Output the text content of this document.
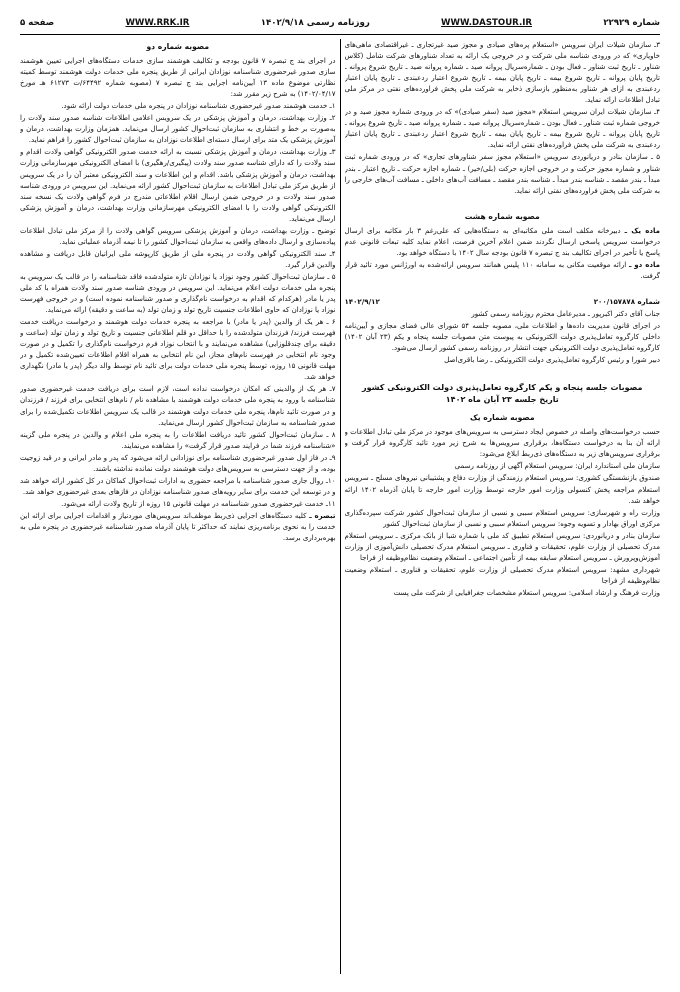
شماره ۲۲۹۲۹
WWW.DASTOUR.IR
روزنامه رسمی ۱۴۰۲/۹/۱۸
WWW.RRK.IR
صفحه ۵

۳ـ سازمان شیلات ایران سرویس «استعلام پره‌های صیادی و مجوز صید غیرتجاری ـ غیراقتصادی ماهی‌های خاویاری» که در ورودی شناسه ملی شرکت و در خروجی یک ارائه به تعداد شناورهای شرکت شامل (کلاس شناور ـ تاریخ ثبت شناور ـ فعال بودن ـ شماره‌سریال پروانه صید ـ شماره پروانه صید ـ تاریخ شروع پروانه ـ تاریخ پایان پروانه ـ تاریخ شروع بیمه ـ تاریخ پایان بیمه ـ تاریخ شروع اعتبار ردعبندی ـ تاریخ پایان اعتبار ردعبندی به ازای هر شناور به‌منظور بازسازی ذخایر به شرکت ملی پخش فراورده‌های نفتی در مرکز ملی تبادل اطلاعات ارائه نماید.

۴ـ سازمان شیلات ایران سرویس استعلام «مجوز صید (سفر صیادی)» که در ورودی شماره مجوز صید و در خروجی شماره ثبت شناور ـ فعال بودن ـ شماره‌سریال پروانه صید ـ شماره پروانه صید ـ تاریخ شروع پروانه ـ تاریخ پایان پروانه ـ تاریخ شروع بیمه ـ تاریخ پایان بیمه ـ تاریخ شروع اعتبار ردعبندی ـ تاریخ پایان اعتبار ردعبندی به شرکت ملی پخش فراورده‌های نفتی ارائه نماید.

۵ ـ سازمان بنادر و دریانوردی سرویس «استعلام مجوز سفر شناورهای تجاری» که در ورودی شماره ثبت شناور و شماره مجوز حرکت و در خروجی اجازه حرکت (بلی/خیر) ـ شماره اجازه حرکت ـ تاریخ اعتبار ـ بندر مبدأ ـ بندر مقصد ـ شناسه بندر مبدأ ـ شناسه بندر مقصد ـ مسافت آب‌های داخلی ـ مسافت آب‌های خارجی را به شرکت ملی پخش فراورده‌های نفتی ارائه نماید.

مصوبه شماره هشت

ماده یک ـ دبیرخانه مکلف است ملی مکاتبه‌ای به دستگاه‌هایی که علی‌رغم ۳ بار مکاتبه برای ارسال درخواست سرویس پاسخی ارسال نگردند ضمن اعلام آخرین فرصت، اعلام نماید کلیه تبعات قانونی عدم پاسخ یا تأخیر در اجرای تکالیف بند ج تبصره ۷ قانون بودجه سال ۱۴۰۲ با دستگاه خواهد بود.

ماده دو ـ ارائه موقعیت مکانی به سامانه ۱۱۰ پلیس همانند سرویس ارائه‌شده به اورژانس مورد تائید قرار گرفت.

شماره ۲۰۰/۱۵۷۸۷۸
۱۴۰۲/۹/۱۲

جناب آقای دکتر اکبرپور ـ مدیرعامل محترم روزنامه رسمی کشور

در اجرای قانون مدیریت داده‌ها و اطلاعات ملی، مصوبه جلسه ۵۴ شورای عالی فضای مجازی و آیین‌نامه داخلی کارگروه تعامل‌پذیری دولت الکترونیکی به پیوست متن مصوبات جلسه پنجاه و یکم (۲۳ آبان ۱۴۰۲) کارگروه تعامل‌پذیری دولت الکترونیکی جهت انتشار در روزنامه رسمی کشور ارسال می‌شود.

دبیر شورا و رئیس کارگروه تعامل‌پذیری دولت الکترونیکی ـ رضا باقری‌اصل

مصوبات جلسه پنجاه و یکم کارگروه تعامل‌پذیری دولت الکترونیکی کشور
تاریخ جلسه ۲۳ آبان ماه ۱۴۰۲
مصوبه شماره یک

حسب درخواست‌های واصله در خصوص ایجاد دسترسی به سرویس‌های موجود در مرکز ملی تبادل اطلاعات و ارائه آن بنا به درخواست دستگاه‌ها، برقراری سرویس‌ها به شرح زیر مورد تائید کارگروه قرار گرفت و برقراری سرویس‌های زیر به دستگاه‌های ذی‌ربط ابلاغ می‌شود:

سازمان ملی استاندارد ایران: سرویس استعلام آگهی از روزنامه رسمی

صندوق بازنشستگی کشوری: سرویس استعلام رزمندگی از وزارت دفاع و پشتیبانی نیروهای مسلح ـ سرویس استعلام مراجعه پخش کنسولی وزارت امور خارجه توسط وزارت امور خارجه تا پایان آذرماه ۱۴۰۲ ارائه خواهد شد.

وزارت راه و شهرسازی: سرویس استعلام سببی و نسبی از سازمان ثبت‌احوال کشور شرکت سپرده‌گذاری مرکزی اوراق بهادار و تسویه وجوه: سرویس استعلام سببی و نسبی از سازمان ثبت‌احوال کشور

سازمان بنادر و دریانوردی: سرویس استعلام تطبیق کد ملی با شماره شبا از بانک مرکزی ـ سرویس استعلام مدرک تحصیلی از وزارت علوم، تحقیقات و فناوری ـ سرویس استعلام مدرک تحصیلی دانش‌آموزی از وزارت آموزش‌وپرورش ـ سرویس استعلام سابقه بیمه از تأمین اجتماعی ـ استعلام وضعیت نظام‌وظیفه از فراجا

شهرداری مشهد: سرویس استعلام مدرک تحصیلی از وزارت علوم، تحقیقات و فناوری ـ استعلام وضعیت نظام‌وظیفه از فراجا

وزارت فرهنگ و ارشاد اسلامی: سرویس استعلام مشخصات جغرافیایی از شرکت ملی پست

مصوبه شماره دو

در اجرای بند ج تبصره ۷ قانون بودجه و تکالیف هوشمند سازی خدمات دستگاه‌های اجرایی تعیین هوشمند سازی صدور غیرحضوری شناسنامه نوزادان ایرانی از طریق پنجره ملی خدمات دولت هوشمند توسط کمیته نظارتی موضوع ماده ۱۳ آیین‌نامه اجرایی بند ج تبصره ۷ (مصوبه شماره ۶۴۴۹۲/ت ۶۱۲۷۳ هـ مورخ ۱۴۰۲/۰۴/۱۷) به شرح زیر مقرر شد:

۱ـ خدمت هوشمند صدور غیرحضوری شناسنامه نوزادان در پنجره ملی خدمات دولت ارائه شود.

۲ـ وزارت بهداشت، درمان و آموزش پزشکی در یک سرویس اعلامی اطلاعات شناسه صدور سند ولادت را به‌صورت بر خط و انتشاری به سازمان ثبت‌احوال کشور ارسال می‌نماید. همزمان وزارت بهداشت، درمان و آموزش پزشکی یک متد برای ارسال دسته‌ای اطلاعات نوزادان به سازمان ثبت‌احوال کشور را فراهم نماید.

۳ـ وزارت بهداشت، درمان و آموزش پزشکی نسبت به ارائه خدمت صدور الکترونیکی گواهی ولادت اقدام و سند ولادت را که دارای شناسه صدور سند ولادت (پیگیری/رهگیری) با امضای الکترونیکی مهرسازمانی وزارت بهداشت، درمان و آموزش پزشکی باشد. اقدام و این اطلاعات و سند الکترونیکی معتبر آن را در یک سرویس از طریق مرکز ملی تبادل اطلاعات به سازمان ثبت‌احوال کشور ارائه می‌نماید. این سرویس در ورودی شناسه صدور سند ولادت و در خروجی ضمن ارسال اقلام اطلاعاتی مندرج در فرم گواهی ولادت یک نسخه سند الکترونیکی گواهی ولادت را با امضای الکترونیکی مهرسازمانی وزارت بهداشت، درمان و آموزش پزشکی ارسال می‌نماید.

توضیح ـ وزارت بهداشت، درمان و آموزش پزشکی سرویس گواهی ولادت را از مرکز ملی تبادل اطلاعات پیاده‌سازی و ارسال داده‌های واقعی به سازمان ثبت‌احوال کشور را تا نیمه آذرماه عملیاتی نماید.

۴ـ سند الکترونیکی گواهی ولادت در پنجره ملی از طریق کارپوشه ملی ایرانیان قابل دریافت و مشاهده والدین قرار گیرد.

۵ ـ سازمان ثبت‌احوال کشور وجود نوزاد یا نوزادان تازه متولدشده فاقد شناسنامه را در قالب یک سرویس به پنجره ملی خدمات دولت اعلام می‌نماید. این سرویس در ورودی شناسه صدور سند ولادت همراه با کد ملی پدر یا مادر (هرکدام که اقدام به درخواست نام‌گذاری و صدور شناسنامه نموده است) و در خروجی فهرست نوزاد یا نوزادان که حاوی اطلاعات جنسیت تاریخ تولد و زمان تولد (به ساعت و دقیقه) ارائه می‌نماید.

۶ ـ هر یک از والدین (پدر یا مادر) با مراجعه به پنجره خدمات دولت هوشمند و درخواست دریافت خدمت فهرست فرزند/ فرزندان متولدشده را با حداقل دو قلم اطلاعاتی جنسیت و تاریخ تولد و زمان تولد (ساعت و دقیقه برای چندقلوزایی) مشاهده می‌نمایند و با انتخاب نوزاد فرم درخواست نام‌گذاری را تکمیل و در صورت وجود نام انتخابی در فهرست نام‌های مجاز، این نام انتخابی به همراه اقلام اطلاعات تعیین‌شده تکمیل و در مهلت قانونی ۱۵ روزه، توسط پنجره ملی خدمات دولت برای تائید نام توسط والد دیگر (پدر یا مادر) نگهداری خواهد شد.

۷ـ هر یک از والدینی که امکان درخواست نداده است، لازم است برای دریافت خدمت غیرحضوری صدور شناسنامه با ورود به پنجره ملی خدمات دولت هوشمند با مشاهده نام / نام‌های انتخابی برای فرزند / فرزندان و در صورت تائید نام‌ها، پنجره ملی خدمات دولت هوشمند در قالب یک سرویس اطلاعات تکمیل‌شده را برای صدور شناسنامه به سازمان ثبت‌احوال کشور ارسال می‌نماید.

۸ ـ سازمان ثبت‌احوال کشور تائید دریافت اطلاعات را به پنجره ملی اعلام و والدین در پنجره ملی گزینه «شناسنامه فرزند شما در فرایند صدور قرار گرفت» را مشاهده می‌نمایند.

۹ـ در فاز اول صدور غیرحضوری شناسنامه برای نوزادانی ارائه می‌شود که پدر و مادر ایرانی و در قید زوجیت بوده، و از جهت دسترسی به سرویس‌های دولت هوشمند دولت نمانده نداشته باشند.

۱۰ـ روال جاری صدور شناسنامه با مراجعه حضوری به ادارات ثبت‌احوال کماکان در کل کشور ارائه خواهد شد و در توسعه این خدمت برای سایر رویه‌های صدور شناسنامه نوزادان در فازهای بعدی غیرحضوری خواهد شد.

۱۱ـ خدمت غیرحضوری صدور شناسنامه در مهلت قانونی ۱۵ روزه از تاریخ ولادت ارائه می‌شود.

تبصره ـ کلیه دستگاه‌های اجرایی ذی‌ربط موظف‌اند سرویس‌های موردنیاز و اقدامات اجرایی برای ارائه این خدمت را به نحوی برنامه‌ریزی نمایند که حداکثر تا پایان آذرماه صدور شناسنامه غیرحضوری در پنجره ملی به بهره‌برداری برسد.
